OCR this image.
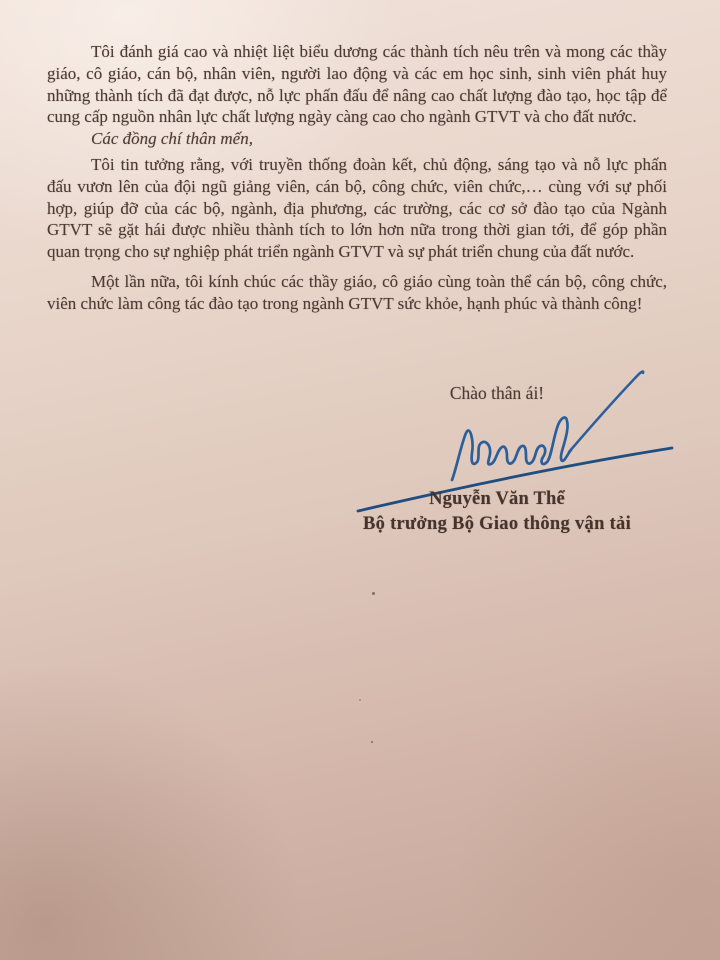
Tôi đánh giá cao và nhiệt liệt biểu dương các thành tích nêu trên và mong các thầy giáo, cô giáo, cán bộ, nhân viên, người lao động và các em học sinh, sinh viên phát huy những thành tích đã đạt được, nỗ lực phấn đấu để nâng cao chất lượng đào tạo, học tập để cung cấp nguồn nhân lực chất lượng ngày càng cao cho ngành GTVT và cho đất nước.

Các đồng chí thân mến,

Tôi tin tưởng rằng, với truyền thống đoàn kết, chủ động, sáng tạo và nỗ lực phấn đấu vươn lên của đội ngũ giảng viên, cán bộ, công chức, viên chức,… cùng với sự phối hợp, giúp đỡ của các bộ, ngành, địa phương, các trường, các cơ sở đào tạo của Ngành GTVT sẽ gặt hái được nhiều thành tích to lớn hơn nữa trong thời gian tới, để góp phần quan trọng cho sự nghiệp phát triển ngành GTVT và sự phát triển chung của đất nước.

Một lần nữa, tôi kính chúc các thầy giáo, cô giáo cùng toàn thể cán bộ, công chức, viên chức làm công tác đào tạo trong ngành GTVT sức khỏe, hạnh phúc và thành công!

Chào thân ái!
Nguyễn Văn Thể
Bộ trưởng Bộ Giao thông vận tải
